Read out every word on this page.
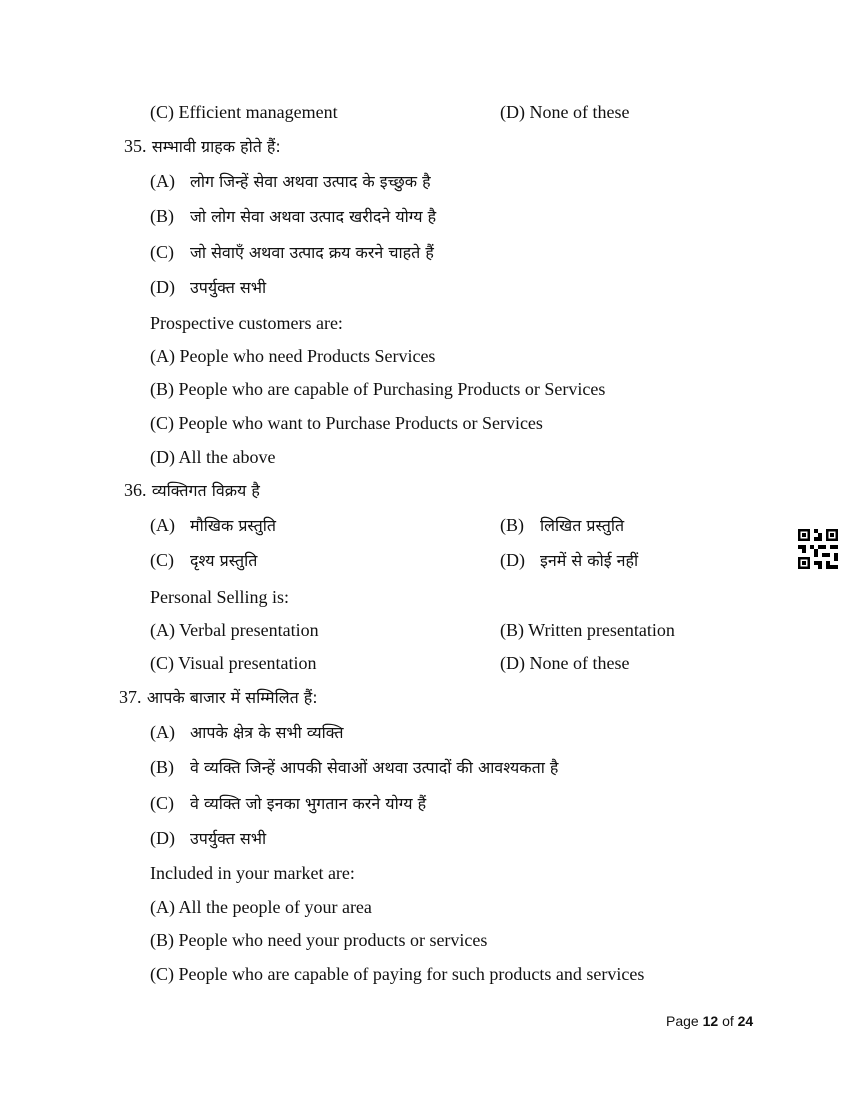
(C) Efficient management	(D) None of these
35. सम्भावी ग्राहक होते हैं:
(A) लोग जिन्हें सेवा अथवा उत्पाद के इच्छुक है
(B) जो लोग सेवा अथवा उत्पाद खरीदने योग्य है
(C) जो सेवाएँ अथवा उत्पाद क्रय करने चाहते हैं
(D) उपर्युक्त सभी
Prospective customers are:
(A) People who need Products Services
(B) People who are capable of Purchasing Products or Services
(C) People who want to Purchase Products or Services
(D) All the above
36. व्यक्तिगत विक्रय है
(A) मौखिक प्रस्तुति	(B) लिखित प्रस्तुति
(C) दृश्य प्रस्तुति	(D) इनमें से कोई नहीं
Personal Selling is:
(A) Verbal presentation	(B) Written presentation
(C) Visual presentation	(D) None of these
37. आपके बाजार में सम्मिलित हैं:
(A) आपके क्षेत्र के सभी व्यक्ति
(B) वे व्यक्ति जिन्हें आपकी सेवाओं अथवा उत्पादों की आवश्यकता है
(C) वे व्यक्ति जो इनका भुगतान करने योग्य हैं
(D) उपर्युक्त सभी
Included in your market are:
(A) All the people of your area
(B) People who need your products or services
(C) People who are capable of paying for such products and services
Page 12 of 24
